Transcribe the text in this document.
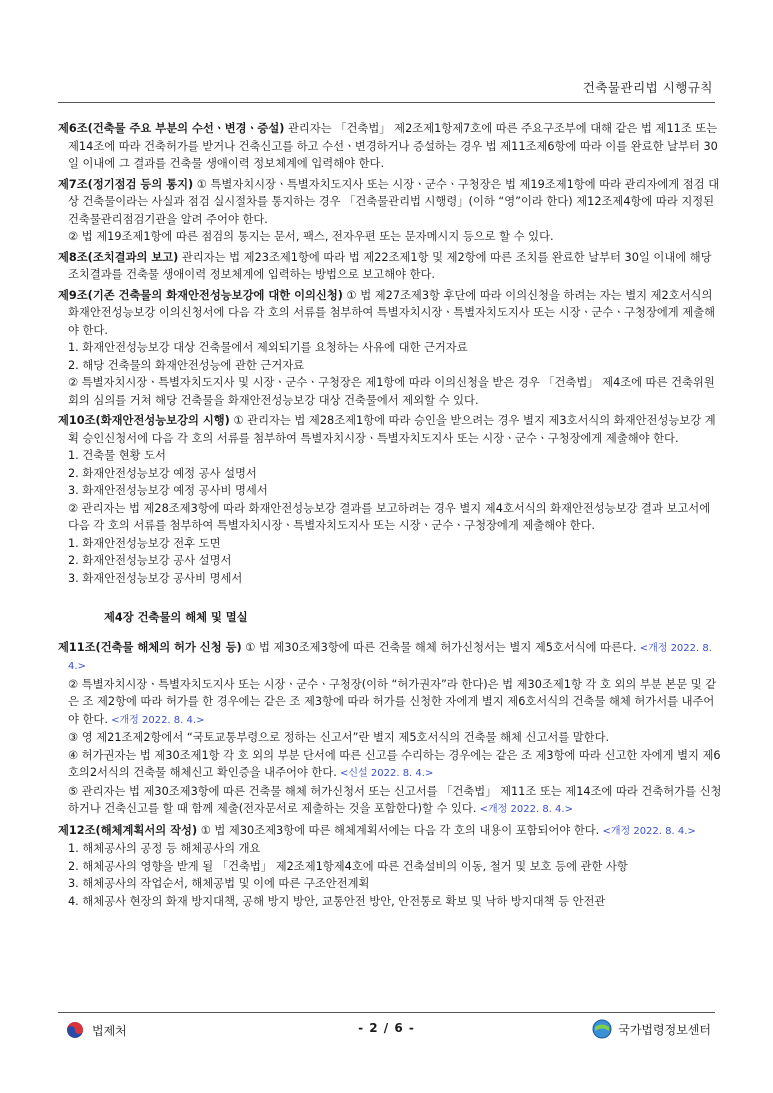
건축물관리법 시행규칙

제6조(건축물 주요 부분의 수선ㆍ변경ㆍ증설) 관리자는 「건축법」 제2조제1항제7호에 따른 주요구조부에 대해 같은 법 제11조 또는 제14조에 따라 건축허가를 받거나 건축신고를 하고 수선ㆍ변경하거나 증설하는 경우 법 제11조제6항에 따라 이를 완료한 날부터 30일 이내에 그 결과를 건축물 생애이력 정보체계에 입력해야 한다.

제7조(정기점검 등의 통지) ① 특별자치시장ㆍ특별자치도지사 또는 시장ㆍ군수ㆍ구청장은 법 제19조제1항에 따라 관리자에게 점검 대상 건축물이라는 사실과 점검 실시절차를 통지하는 경우 「건축물관리법 시행령」(이하 “영”이라 한다) 제12조제4항에 따라 지정된 건축물관리점검기관을 알려 주어야 한다.

② 법 제19조제1항에 따른 점검의 통지는 문서, 팩스, 전자우편 또는 문자메시지 등으로 할 수 있다.

제8조(조치결과의 보고) 관리자는 법 제23조제1항에 따라 법 제22조제1항 및 제2항에 따른 조치를 완료한 날부터 30일 이내에 해당 조치결과를 건축물 생애이력 정보체계에 입력하는 방법으로 보고해야 한다.

제9조(기존 건축물의 화재안전성능보강에 대한 이의신청) ① 법 제27조제3항 후단에 따라 이의신청을 하려는 자는 별지 제2호서식의 화재안전성능보강 이의신청서에 다음 각 호의 서류를 첨부하여 특별자치시장ㆍ특별자치도지사 또는 시장ㆍ군수ㆍ구청장에게 제출해야 한다.

1. 화재안전성능보강 대상 건축물에서 제외되기를 요청하는 사유에 대한 근거자료

2. 해당 건축물의 화재안전성능에 관한 근거자료

② 특별자치시장ㆍ특별자치도지사 및 시장ㆍ군수ㆍ구청장은 제1항에 따라 이의신청을 받은 경우 「건축법」 제4조에 따른 건축위원회의 심의를 거쳐 해당 건축물을 화재안전성능보강 대상 건축물에서 제외할 수 있다.

제10조(화재안전성능보강의 시행) ① 관리자는 법 제28조제1항에 따라 승인을 받으려는 경우 별지 제3호서식의 화재안전성능보강 계획 승인신청서에 다음 각 호의 서류를 첨부하여 특별자치시장ㆍ특별자치도지사 또는 시장ㆍ군수ㆍ구청장에게 제출해야 한다.

1. 건축물 현황 도서

2. 화재안전성능보강 예정 공사 설명서

3. 화재안전성능보강 예정 공사비 명세서

② 관리자는 법 제28조제3항에 따라 화재안전성능보강 결과를 보고하려는 경우 별지 제4호서식의 화재안전성능보강 결과 보고서에 다음 각 호의 서류를 첨부하여 특별자치시장ㆍ특별자치도지사 또는 시장ㆍ군수ㆍ구청장에게 제출해야 한다.

1. 화재안전성능보강 전후 도면

2. 화재안전성능보강 공사 설명서

3. 화재안전성능보강 공사비 명세서

제4장 건축물의 해체 및 멸실

제11조(건축물 해체의 허가 신청 등) ① 법 제30조제3항에 따른 건축물 해체 허가신청서는 별지 제5호서식에 따른다. <개정 2022. 8. 4.>

② 특별자치시장ㆍ특별자치도지사 또는 시장ㆍ군수ㆍ구청장(이하 “허가권자”라 한다)은 법 제30조제1항 각 호 외의 부분 본문 및 같은 조 제2항에 따라 허가를 한 경우에는 같은 조 제3항에 따라 허가를 신청한 자에게 별지 제6호서식의 건축물 해체 허가서를 내주어야 한다. <개정 2022. 8. 4.>

③ 영 제21조제2항에서 “국토교통부령으로 정하는 신고서”란 별지 제5호서식의 건축물 해체 신고서를 말한다.

④ 허가권자는 법 제30조제1항 각 호 외의 부분 단서에 따른 신고를 수리하는 경우에는 같은 조 제3항에 따라 신고한 자에게 별지 제6호의2서식의 건축물 해체신고 확인증을 내주어야 한다. <신설 2022. 8. 4.>

⑤ 관리자는 법 제30조제3항에 따른 건축물 해체 허가신청서 또는 신고서를 「건축법」 제11조 또는 제14조에 따라 건축허가를 신청하거나 건축신고를 할 때 함께 제출(전자문서로 제출하는 것을 포함한다)할 수 있다. <개정 2022. 8. 4.>

제12조(해체계획서의 작성) ① 법 제30조제3항에 따른 해체계획서에는 다음 각 호의 내용이 포함되어야 한다. <개정 2022. 8. 4.>

1. 해체공사의 공정 등 해체공사의 개요

2. 해체공사의 영향을 받게 될 「건축법」 제2조제1항제4호에 따른 건축설비의 이동, 철거 및 보호 등에 관한 사항

3. 해체공사의 작업순서, 해체공법 및 이에 따른 구조안전계획

4. 해체공사 현장의 화재 방지대책, 공해 방지 방안, 교통안전 방안, 안전통로 확보 및 낙하 방지대책 등 안전관

법제처	- 2 / 6 -	국가법령정보센터
